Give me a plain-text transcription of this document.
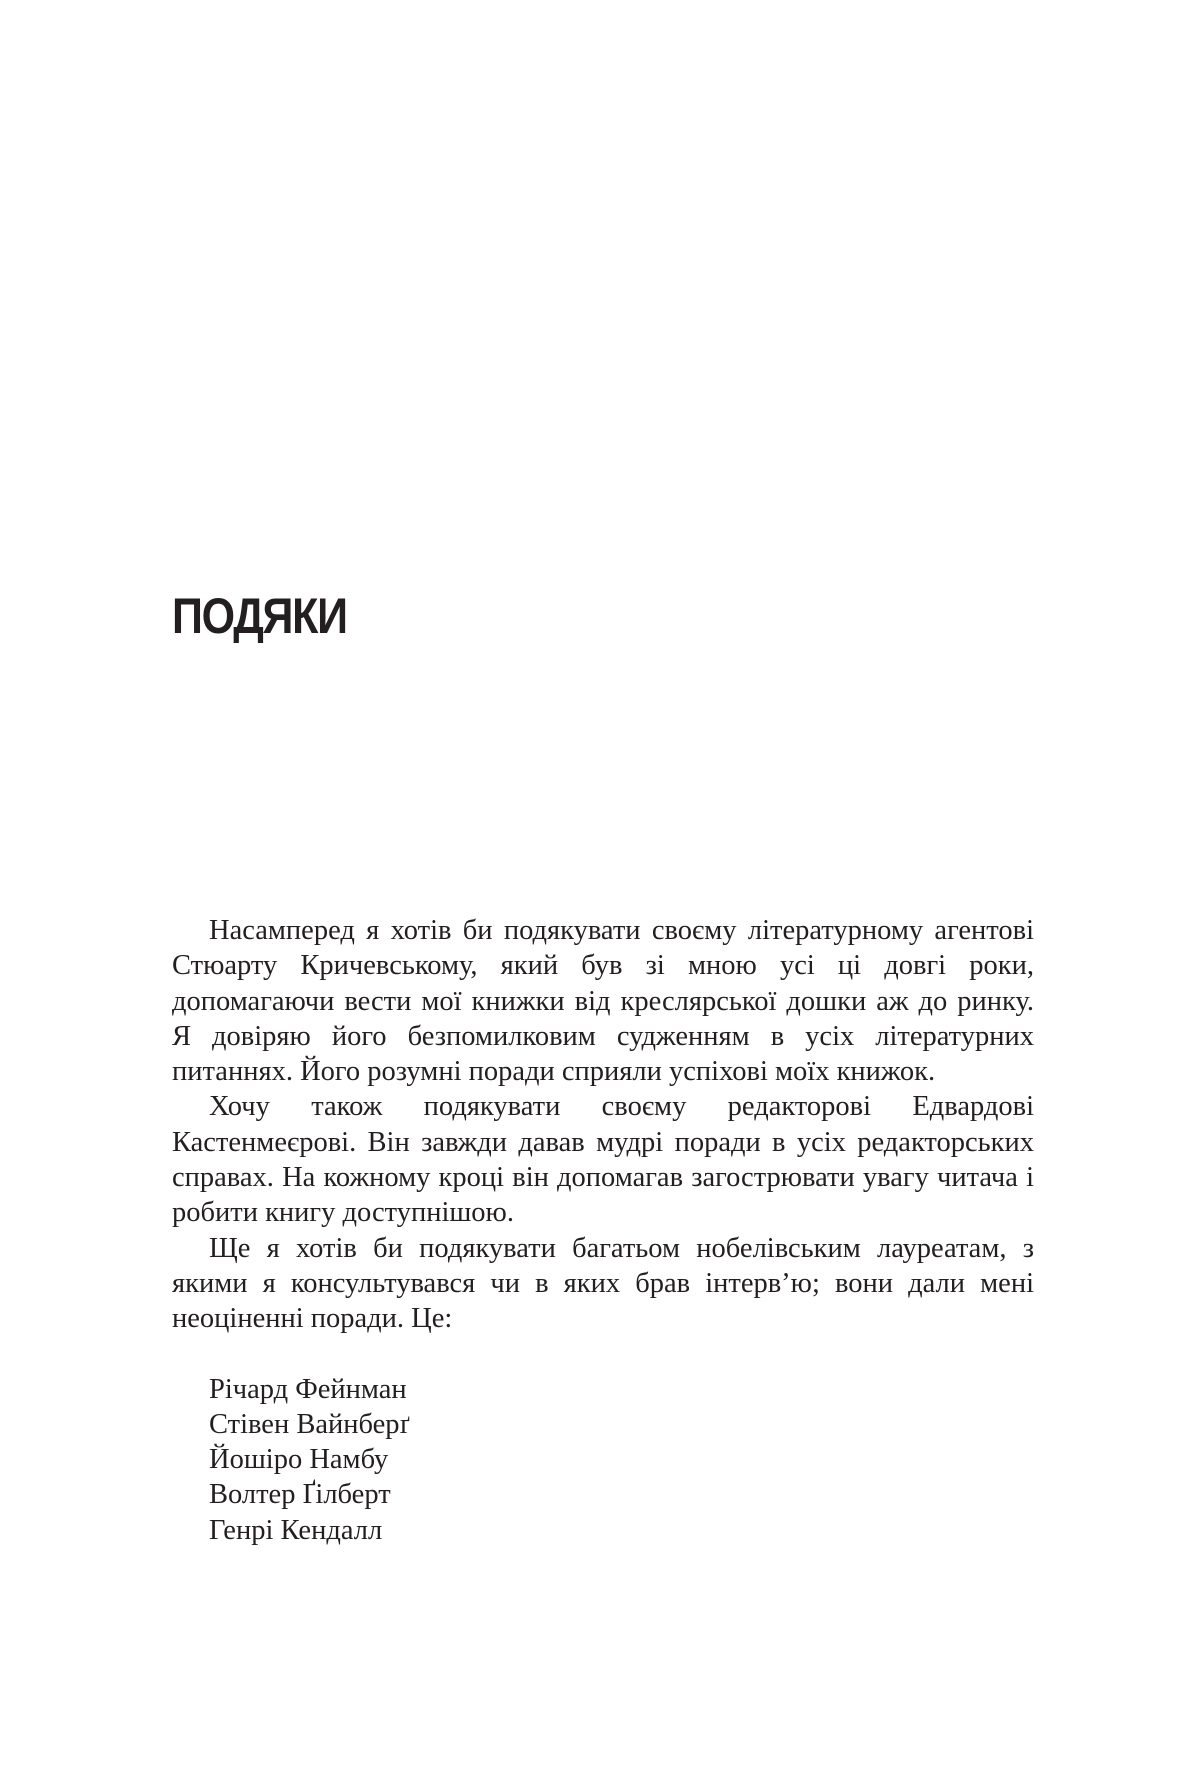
ПОДЯКИ

Насамперед я хотів би подякувати своєму літературному агентові Стюарту Кричевському, який був зі мною усі ці довгі роки, допомагаючи вести мої книжки від креслярської дошки аж до ринку. Я довіряю його безпомилковим судженням в усіх літературних питаннях. Його розумні поради сприяли успіхові моїх книжок.

Хочу також подякувати своєму редакторові Едвардові Кастенмеєрові. Він завжди давав мудрі поради в усіх редакторських справах. На кожному кроці він допомагав загострювати увагу читача і робити книгу доступнішою.

Ще я хотів би подякувати багатьом нобелівським лауреатам, з якими я консультувався чи в яких брав інтерв’ю; вони дали мені неоціненні поради. Це:

Річард Фейнман
Стівен Вайнберґ
Йошіро Намбу
Волтер Ґілберт
Генрі Кендалл
